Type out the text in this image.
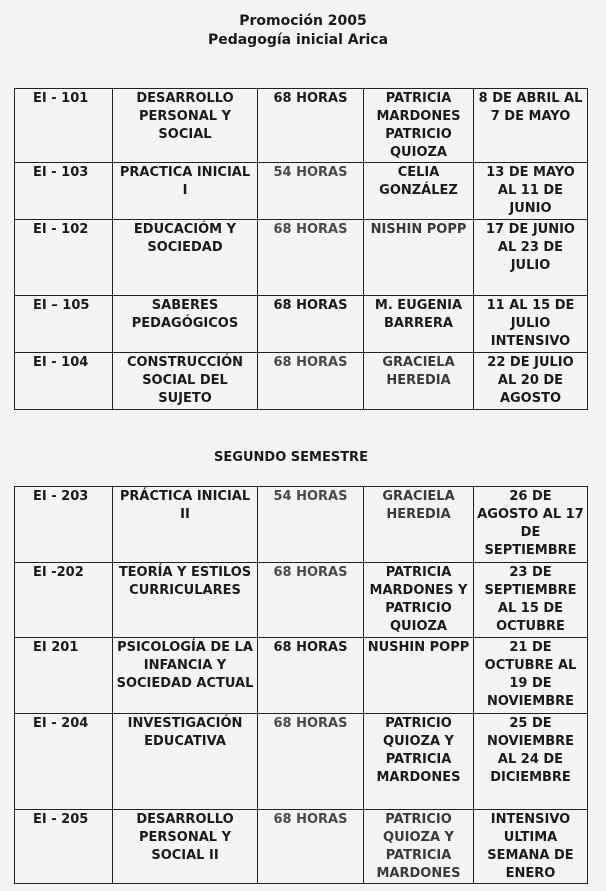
Promoción 2005
Pedagogía inicial Arica
EI - 101	DESARROLLO PERSONAL Y SOCIAL	68 HORAS	PATRICIA MARDONES PATRICIO QUIOZA	8 DE ABRIL AL 7 DE MAYO
EI - 103	PRACTICA INICIAL I	54 HORAS	CELIA GONZÁLEZ	13 DE MAYO AL 11 DE JUNIO
EI - 102	EDUCACIÓM Y SOCIEDAD	68 HORAS	NISHIN POPP	17 DE JUNIO AL 23 DE JULIO
EI – 105	SABERES PEDAGÓGICOS	68 HORAS	M. EUGENIA BARRERA	11 AL 15 DE JULIO INTENSIVO
EI - 104	CONSTRUCCIÓN SOCIAL DEL SUJETO	68 HORAS	GRACIELA HEREDIA	22 DE JULIO AL 20 DE AGOSTO
SEGUNDO SEMESTRE
EI - 203	PRÁCTICA INICIAL II	54 HORAS	GRACIELA HEREDIA	26 DE AGOSTO AL 17 DE SEPTIEMBRE
EI -202	TEORÍA Y ESTILOS CURRICULARES	68 HORAS	PATRICIA MARDONES Y PATRICIO QUIOZA	23 DE SEPTIEMBRE AL 15 DE OCTUBRE
EI 201	PSICOLOGÍA DE LA INFANCIA Y SOCIEDAD ACTUAL	68 HORAS	NUSHIN POPP	21 DE OCTUBRE AL 19 DE NOVIEMBRE
EI - 204	INVESTIGACIÓN EDUCATIVA	68 HORAS	PATRICIO QUIOZA Y PATRICIA MARDONES	25 DE NOVIEMBRE AL 24 DE DICIEMBRE
EI - 205	DESARROLLO PERSONAL Y SOCIAL II	68 HORAS	PATRICIO QUIOZA Y PATRICIA MARDONES	INTENSIVO ULTIMA SEMANA DE ENERO
